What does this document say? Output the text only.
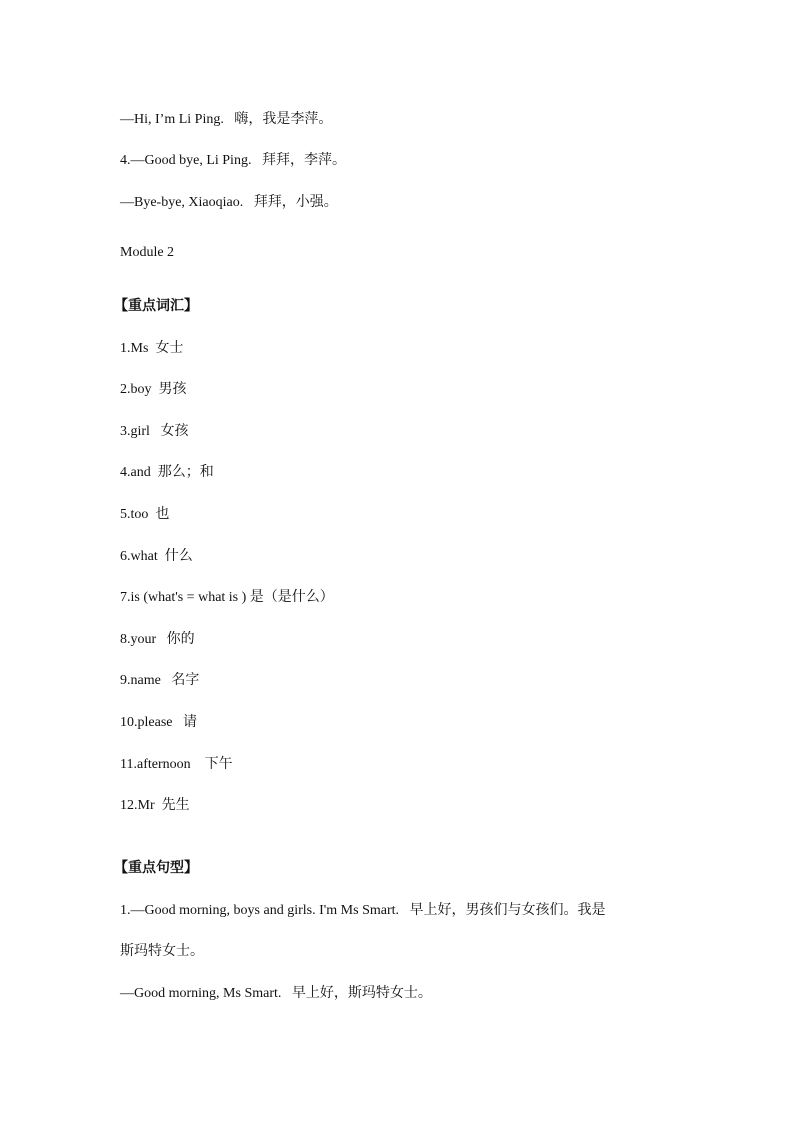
—Hi, I’m Li Ping. 嗨，我是李萍。
4.—Good bye, Li Ping. 拜拜，李萍。
—Bye-bye, Xiaoqiao. 拜拜，小强。
Module 2
【重点词汇】
1.Ms 女士
2.boy 男孩
3.girl 女孩
4.and 那么；和
5.too 也
6.what 什么
7.is (what's = what is ) 是（是什么）
8.your 你的
9.name 名字
10.please 请
11.afternoon 下午
12.Mr 先生
【重点句型】
1.—Good morning, boys and girls. I'm Ms Smart. 早上好，男孩们与女孩们。我是
斯玛特女士。
—Good morning, Ms Smart. 早上好，斯玛特女士。
